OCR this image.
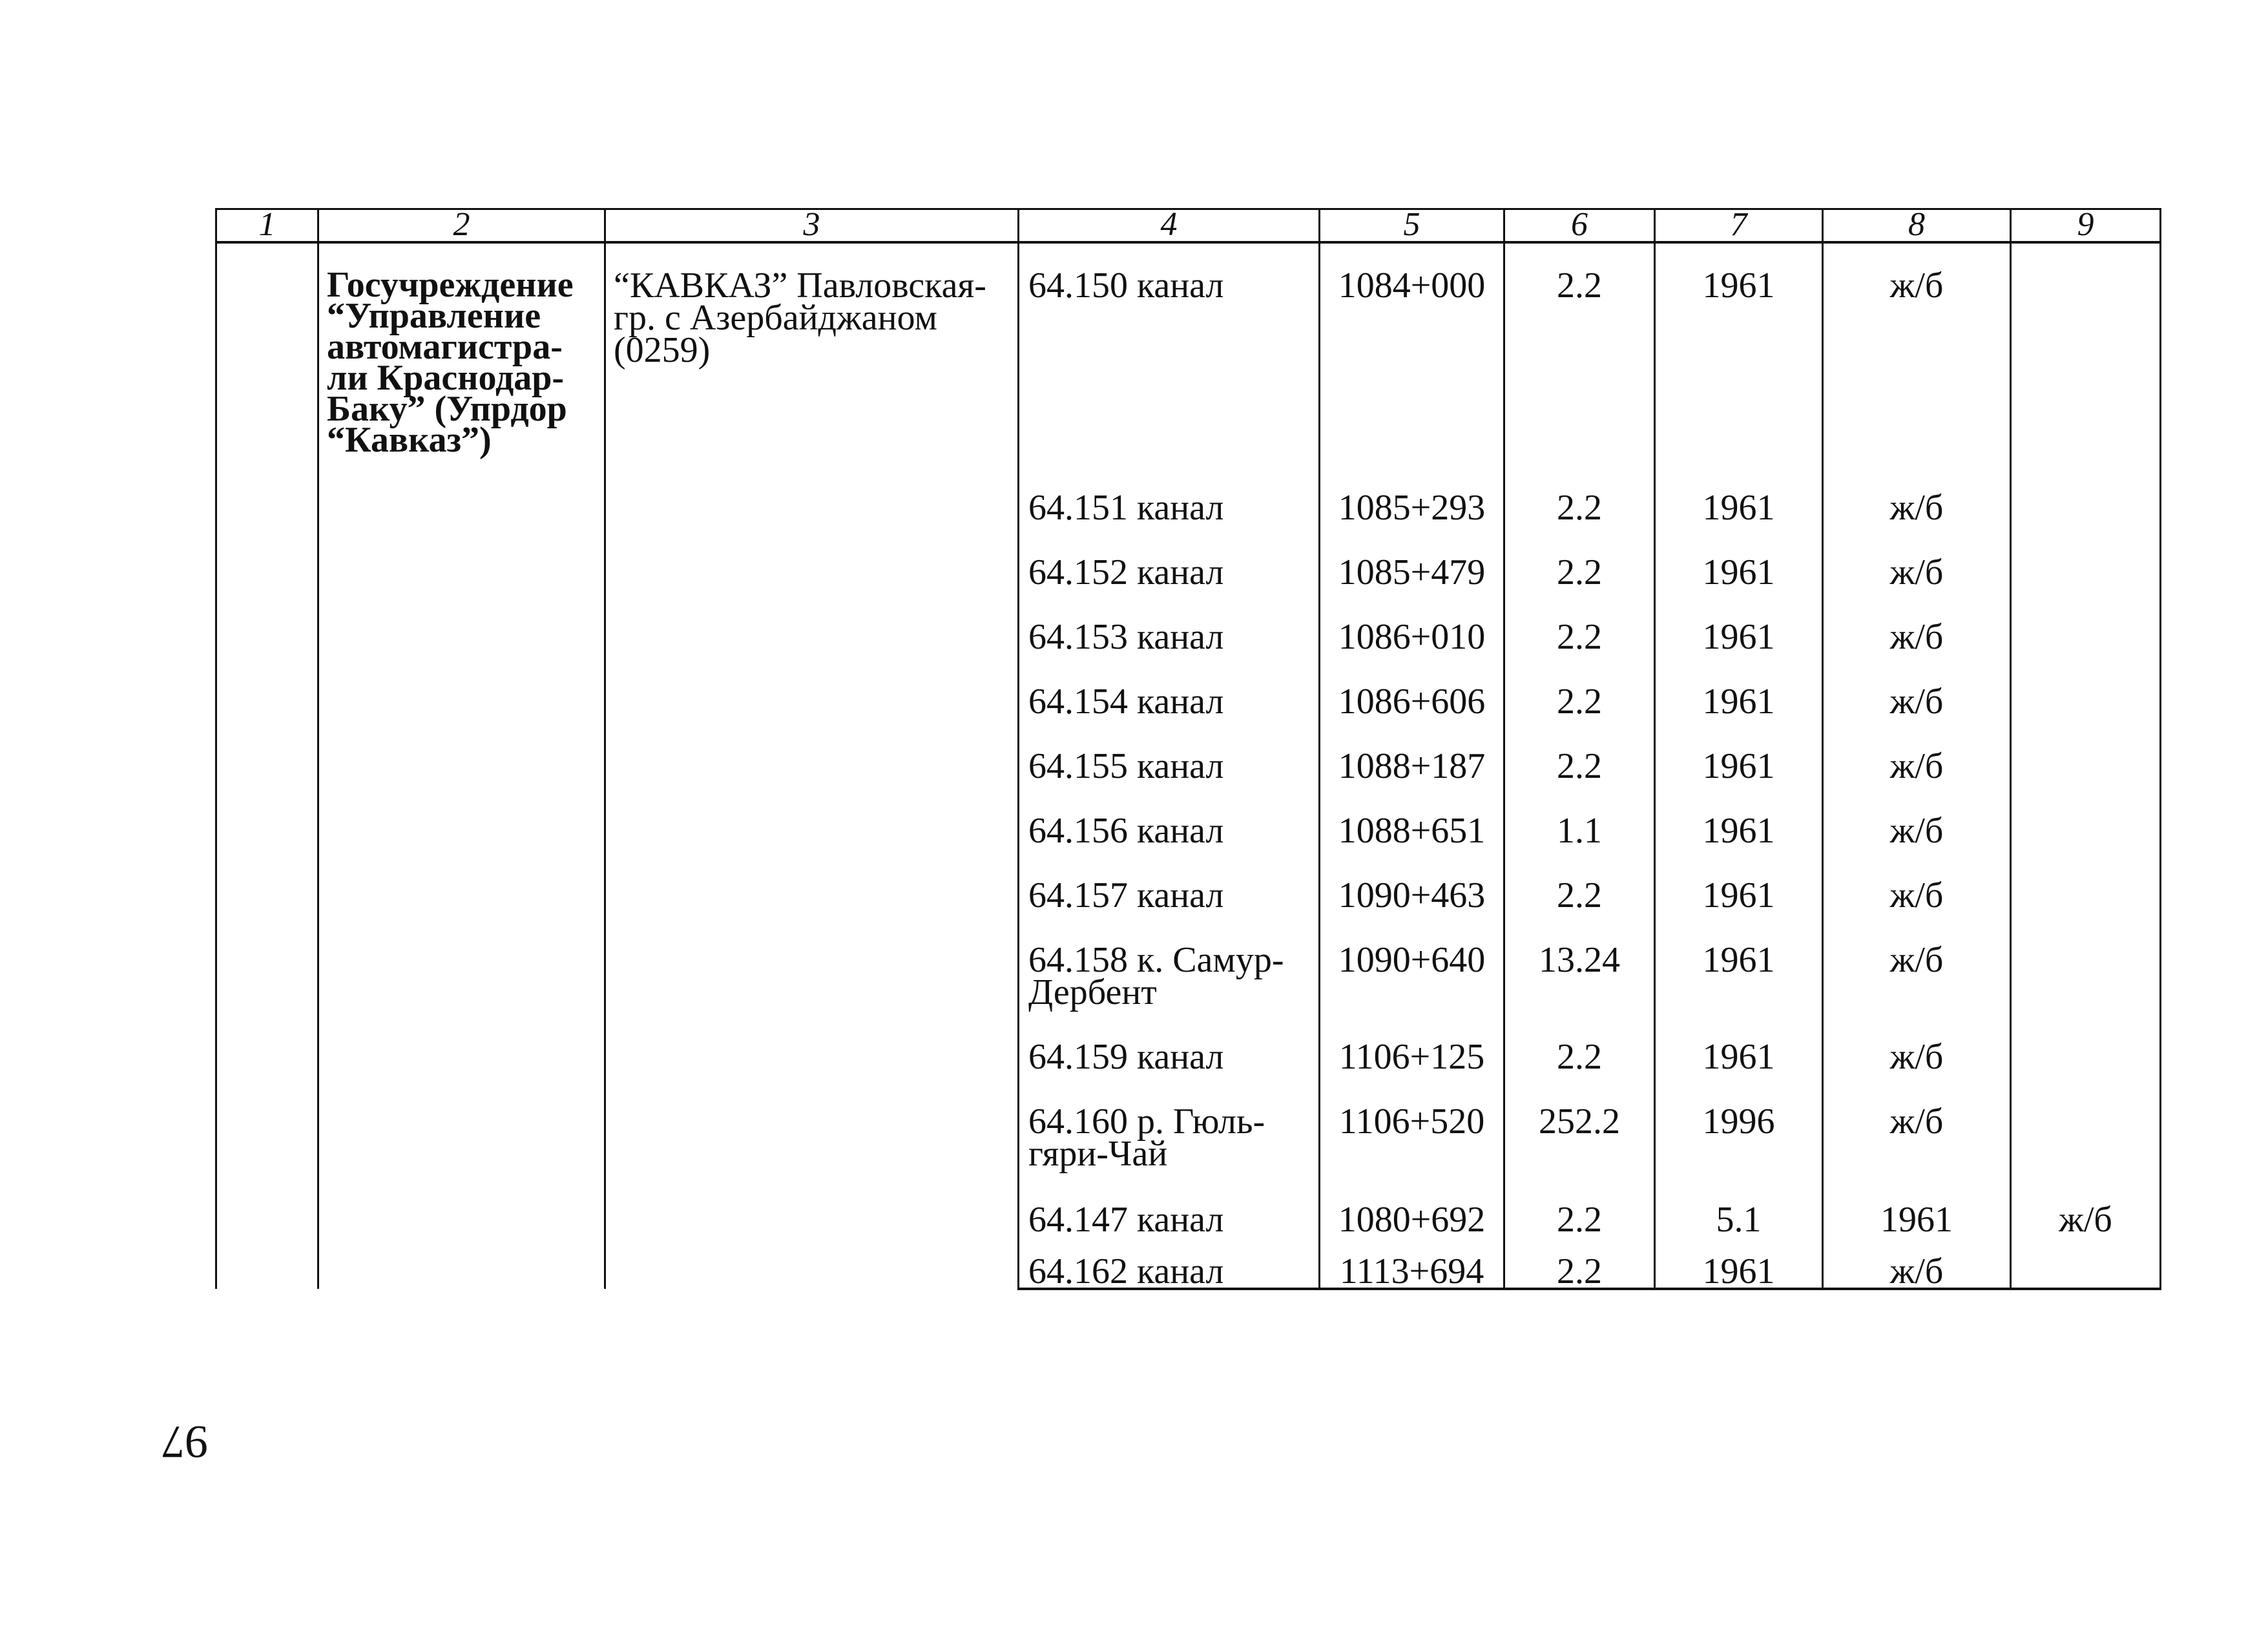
1	2	3	4	5	6	7	8	9
	Госучреждение “Управление автомагистра-ли Краснодар-Баку” (Упрдор “Кавказ”)	“КАВКАЗ” Павловская-гр. с Азербайджаном (0259)	64.150 канал	1084+000	2.2	1961	ж/б	
			64.151 канал	1085+293	2.2	1961	ж/б	
			64.152 канал	1085+479	2.2	1961	ж/б	
			64.153 канал	1086+010	2.2	1961	ж/б	
			64.154 канал	1086+606	2.2	1961	ж/б	
			64.155 канал	1088+187	2.2	1961	ж/б	
			64.156 канал	1088+651	1.1	1961	ж/б	
			64.157 канал	1090+463	2.2	1961	ж/б	
			64.158 к. Самур-Дербент	1090+640	13.24	1961	ж/б	
			64.159 канал	1106+125	2.2	1961	ж/б	
			64.160 р. Гюль-гяри-Чай	1106+520	252.2	1996	ж/б	
			64.147 канал	1080+692	2.2	5.1	1961	ж/б
			64.162 канал	1113+694	2.2	1961	ж/б	
97
